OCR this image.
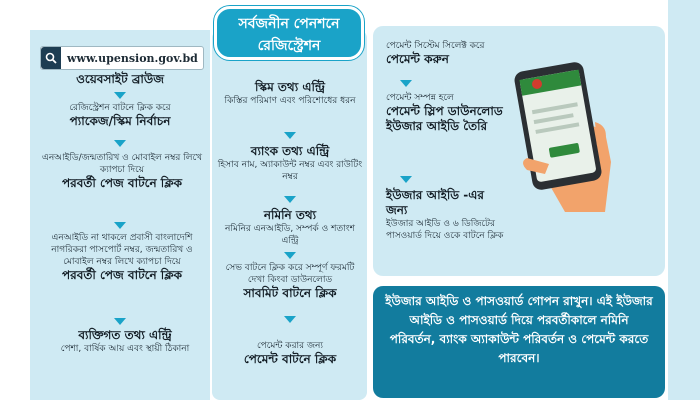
সর্বজনীন পেনশনে
রেজিস্ট্রেশন
www.upension.gov.bd
ওয়েবসাইট ব্রাউজ
রেজিস্ট্রেশন বাটনে ক্লিক করে
প্যাকেজ/স্কিম নির্বাচন
এনআইডি/জন্মতারিখ ও মোবাইল নম্বর লিখে ক্যাপচা দিয়ে
পরবর্তী পেজ বাটনে ক্লিক
এনআইডি না থাকলে প্রবাসী বাংলাদেশি নাগরিকরা পাসপোর্ট নম্বর, জন্মতারিখ ও মোবাইল নম্বর লিখে ক্যাপচা দিয়ে
পরবর্তী পেজ বাটনে ক্লিক
ব্যক্তিগত তথ্য এন্ট্রি
পেশা, বার্ষিক আয় এবং স্থায়ী ঠিকানা
স্কিম তথ্য এন্ট্রি
কিস্তির পরিমাণ এবং পরিশোধের ধরন
ব্যাংক তথ্য এন্ট্রি
হিসাব নাম, অ্যাকাউন্ট নম্বর এবং রাউটিং নম্বর
নমিনি তথ্য
নমিনির এনআইডি, সম্পর্ক ও শতাংশ এন্ট্রি
সেভ বাটনে ক্লিক করে সম্পূর্ণ ফরমটি দেখা কিংবা ডাউনলোড
সাবমিট বাটনে ক্লিক
পেমেন্ট করার জন্য
পেমেন্ট বাটনে ক্লিক
পেমেন্ট সিস্টেম সিলেক্ট করে
পেমেন্ট করুন
পেমেন্ট সম্পন্ন হলে
পেমেন্ট স্লিপ ডাউনলোড ইউজার আইডি তৈরি
ইউজার আইডি -এর জন্য
ইউজার আইডি ও ৬ ডিজিটের পাসওয়ার্ড দিয়ে ওকে বাটনে ক্লিক
ইউজার আইডি ও পাসওয়ার্ড গোপন রাখুন। এই ইউজার আইডি ও পাসওয়ার্ড দিয়ে পরবর্তীকালে নমিনি পরিবর্তন, ব্যাংক অ্যাকাউন্ট পরিবর্তন ও পেমেন্ট করতে পারবেন।
